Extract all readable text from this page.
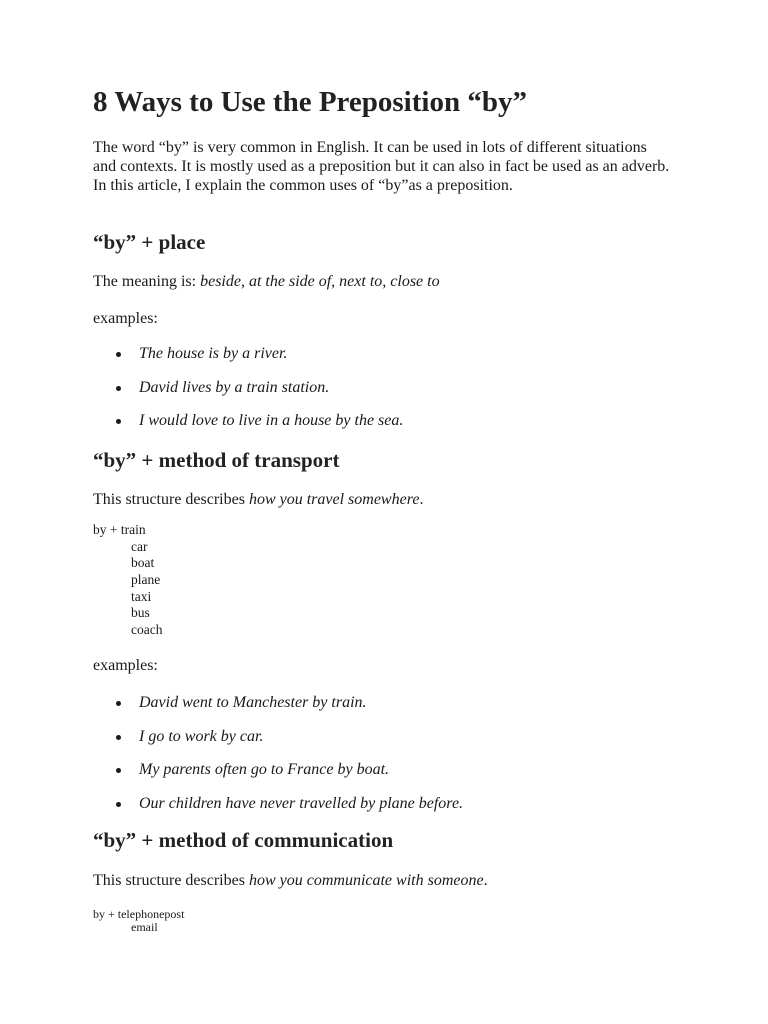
8 Ways to Use the Preposition “by”

The word “by” is very common in English. It can be used in lots of different situations and contexts. It is mostly used as a preposition but it can also in fact be used as an adverb. In this article, I explain the common uses of “by”as a preposition.

“by” + place

The meaning is: beside, at the side of, next to, close to

examples:

The house is by a river.
David lives by a train station.
I would love to live in a house by the sea.
“by” + method of transport

This structure describes how you travel somewhere.

by + train
car
boat
plane
taxi
bus
coach

examples:

David went to Manchester by train.
I go to work by car.
My parents often go to France by boat.
Our children have never travelled by plane before.
“by” + method of communication

This structure describes how you communicate with someone.

by + telephonepost
email
